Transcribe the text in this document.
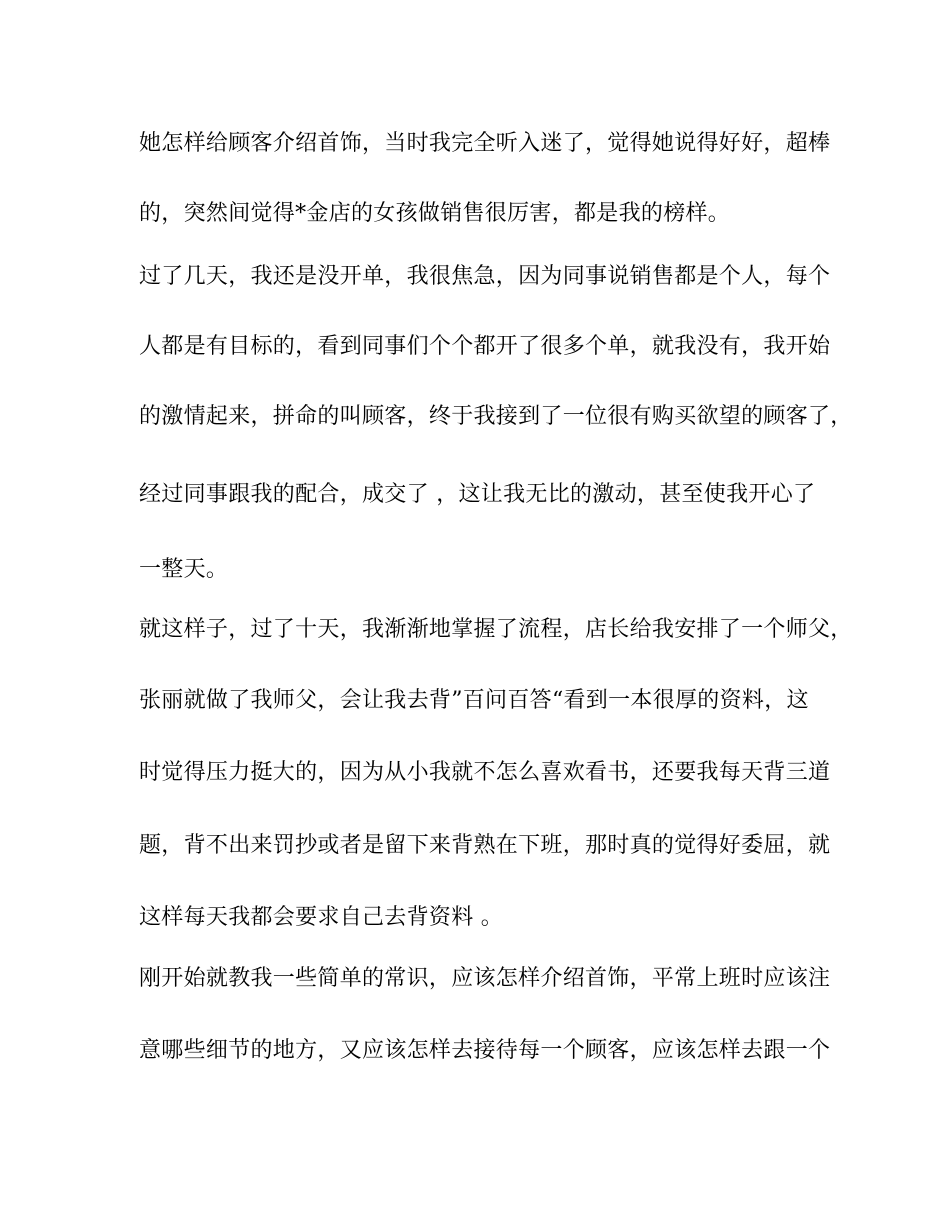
她怎样给顾客介绍首饰，当时我完全听入迷了，觉得她说得好好，超棒
的，突然间觉得*金店的女孩做销售很厉害，都是我的榜样。
过了几天，我还是没开单，我很焦急，因为同事说销售都是个人，每个
人都是有目标的，看到同事们个个都开了很多个单，就我没有，我开始
的激情起来，拼命的叫顾客，终于我接到了一位很有购买欲望的顾客了，
经过同事跟我的配合，成交了 ，这让我无比的激动，甚至使我开心了
一整天。
就这样子，过了十天，我渐渐地掌握了流程，店长给我安排了一个师父，
张丽就做了我师父，会让我去背”百问百答“看到一本很厚的资料，这
时觉得压力挺大的，因为从小我就不怎么喜欢看书，还要我每天背三道
题，背不出来罚抄或者是留下来背熟在下班，那时真的觉得好委屈，就
这样每天我都会要求自己去背资料 。
刚开始就教我一些简单的常识，应该怎样介绍首饰，平常上班时应该注
意哪些细节的地方，又应该怎样去接待每一个顾客，应该怎样去跟一个
